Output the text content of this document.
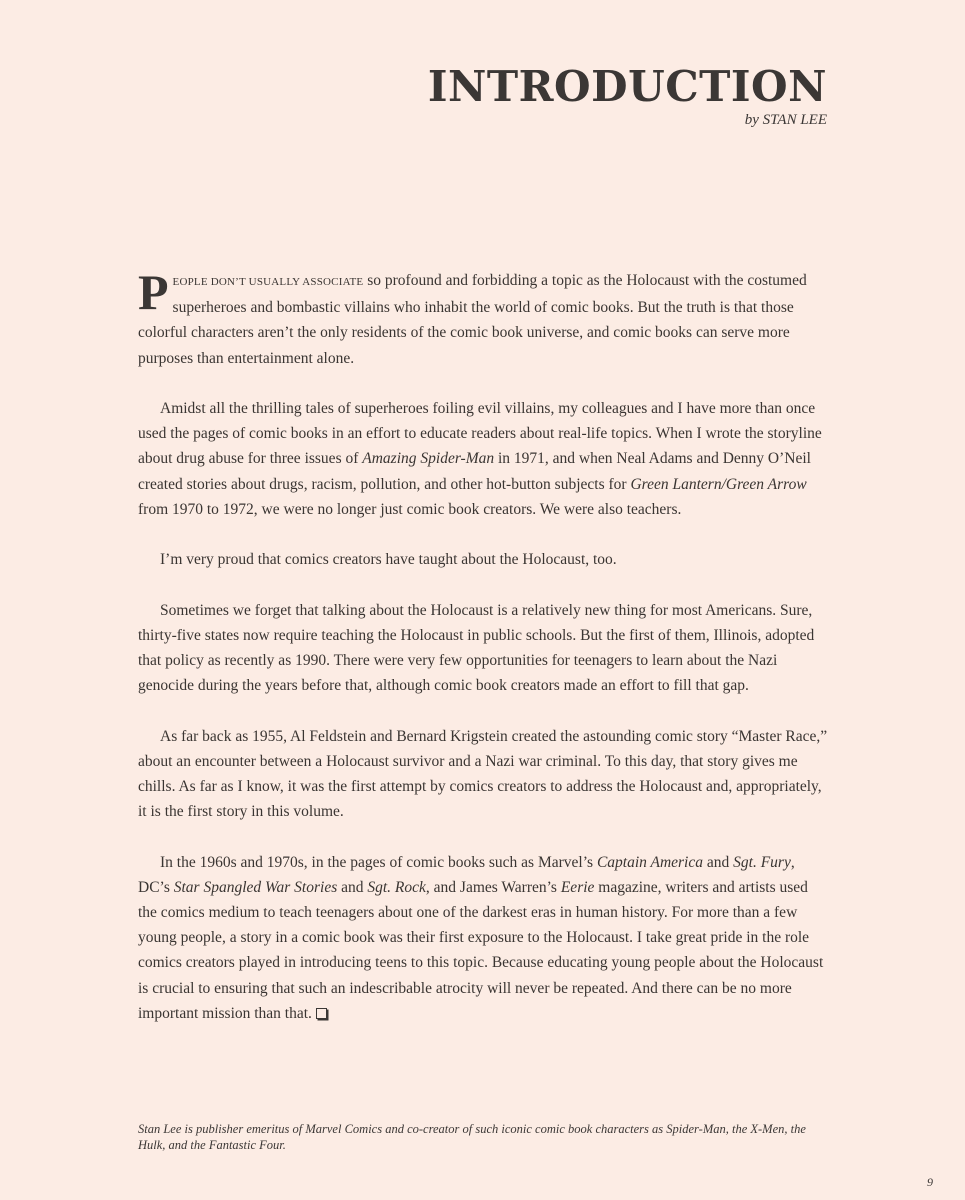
INTRODUCTION
by STAN LEE

PEOPLE DON’T USUALLY ASSOCIATE so profound and forbidding a topic as the Holocaust with the costumed superheroes and bombastic villains who inhabit the world of comic books. But the truth is that those colorful characters aren’t the only residents of the comic book universe, and comic books can serve more purposes than entertainment alone.

Amidst all the thrilling tales of superheroes foiling evil villains, my colleagues and I have more than once used the pages of comic books in an effort to educate readers about real-life topics. When I wrote the storyline about drug abuse for three issues of Amazing Spider-Man in 1971, and when Neal Adams and Denny O’Neil created stories about drugs, racism, pollution, and other hot-button subjects for Green Lantern/Green Arrow from 1970 to 1972, we were no longer just comic book creators. We were also teachers.

I’m very proud that comics creators have taught about the Holocaust, too.

Sometimes we forget that talking about the Holocaust is a relatively new thing for most Americans. Sure, thirty-five states now require teaching the Holocaust in public schools. But the first of them, Illinois, adopted that policy as recently as 1990. There were very few opportunities for teenagers to learn about the Nazi genocide during the years before that, although comic book creators made an effort to fill that gap.

As far back as 1955, Al Feldstein and Bernard Krigstein created the astounding comic story “Master Race,” about an encounter between a Holocaust survivor and a Nazi war criminal. To this day, that story gives me chills. As far as I know, it was the first attempt by comics creators to address the Holocaust and, appropriately, it is the first story in this volume.

In the 1960s and 1970s, in the pages of comic books such as Marvel’s Captain America and Sgt. Fury, DC’s Star Spangled War Stories and Sgt. Rock, and James Warren’s Eerie magazine, writers and artists used the comics medium to teach teenagers about one of the darkest eras in human history. For more than a few young people, a story in a comic book was their first exposure to the Holocaust. I take great pride in the role comics creators played in introducing teens to this topic. Because educating young people about the Holocaust is crucial to ensuring that such an indescribable atrocity will never be repeated. And there can be no more important mission than that.

Stan Lee is publisher emeritus of Marvel Comics and co-creator of such iconic comic book characters as Spider-Man, the X-Men, the Hulk, and the Fantastic Four.
9
